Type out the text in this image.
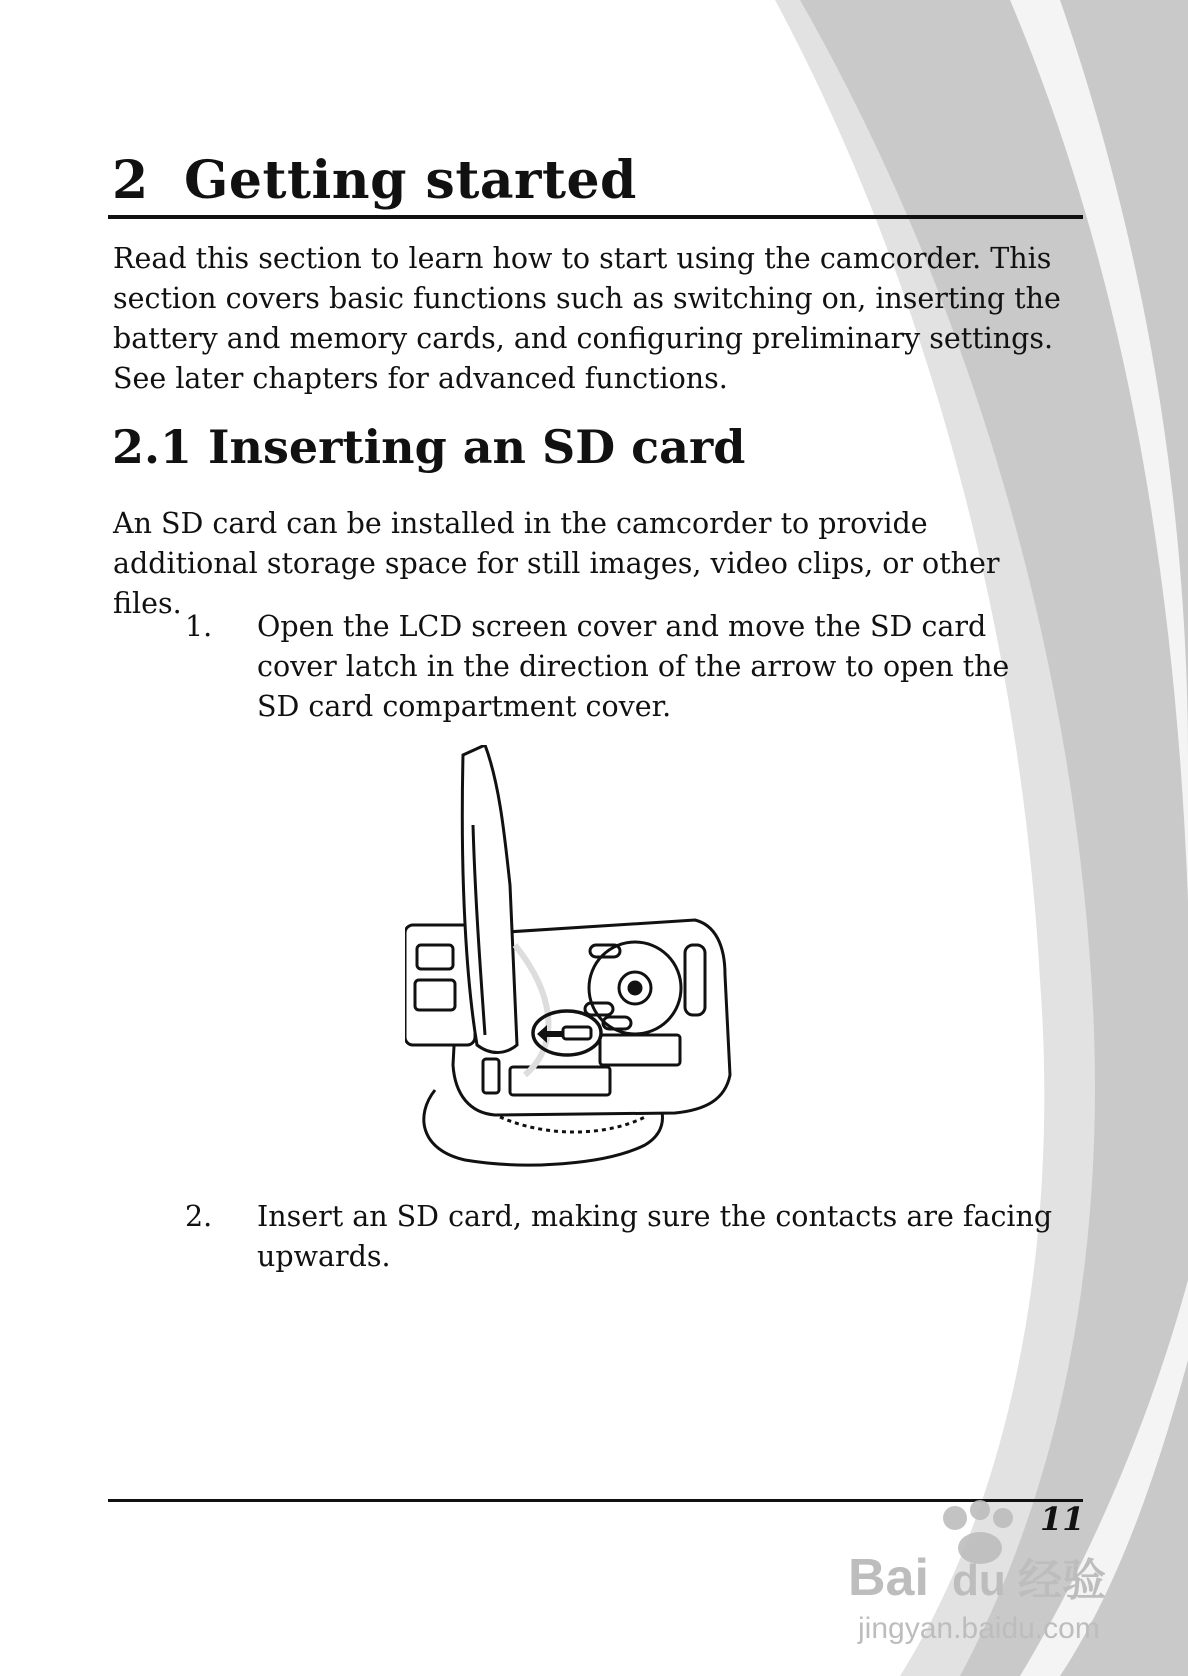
2 Getting started

Read this section to learn how to start using the camcorder. This section covers basic functions such as switching on, inserting the battery and memory cards, and configuring preliminary settings. See later chapters for advanced functions.

2.1 Inserting an SD card

An SD card can be installed in the camcorder to provide additional storage space for still images, video clips, or other files.

1. Open the LCD screen cover and move the SD card cover latch in the direction of the arrow to open the SD card compartment cover.
2. Insert an SD card, making sure the contacts are facing upwards.

11

Bai du 经验
jingyan.baidu.com
